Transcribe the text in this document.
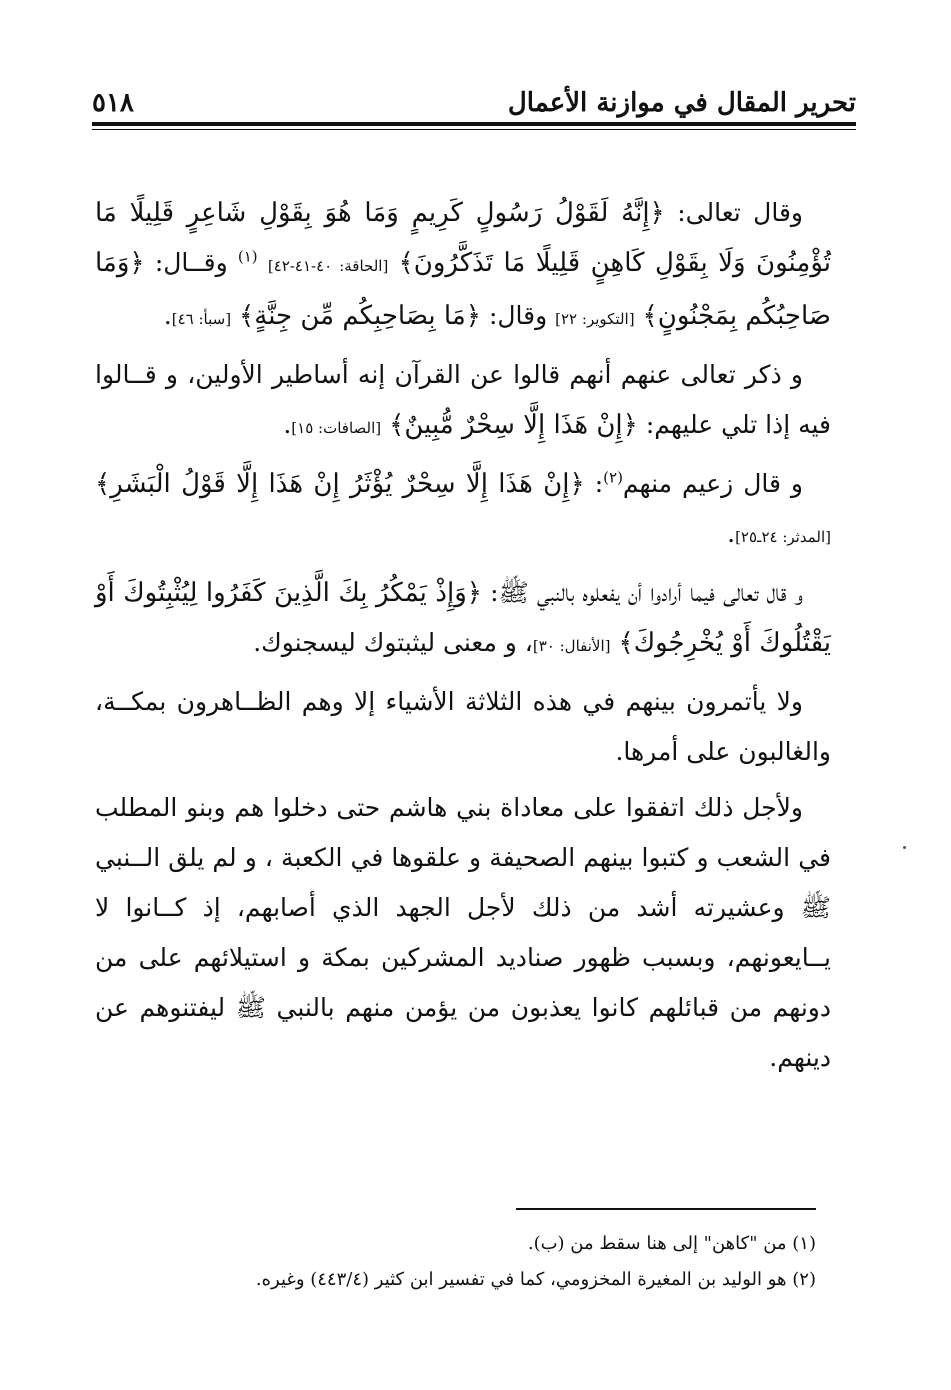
تحرير المقال في موازنة الأعمال
٥١٨

وقال تعالى: ﴿إِنَّهُ لَقَوْلُ رَسُولٍ كَرِيمٍ وَمَا هُوَ بِقَوْلِ شَاعِرٍ قَلِيلًا مَا تُؤْمِنُونَ وَلَا بِقَوْلِ كَاهِنٍ قَلِيلًا مَا تَذَكَّرُونَ﴾ [الحاقة: ٤٠-٤١-٤٢] $^{(١)}$ وقــال: ﴿وَمَا صَاحِبُكُم بِمَجْنُونٍ﴾ [التكوير: ٢٢] وقال: ﴿مَا بِصَاحِبِكُم مِّن جِنَّةٍ﴾ [سبأ: ٤٦].

و ذكر تعالى عنهم أنهم قالوا عن القرآن إنه أساطير الأولين، و قــالوا فيه إذا تلي عليهم: ﴿إِنْ هَذَا إِلَّا سِحْرٌ مُّبِينٌ﴾ [الصافات: ١٥].

و قال زعيم منهم$^{(٢)}$: ﴿إِنْ هَذَا إِلَّا سِحْرٌ يُؤْثَرُ إِنْ هَذَا إِلَّا قَوْلُ الْبَشَرِ﴾ [المدثر: ٢٤ـ٢٥].

و قال تعالى فيما أرادوا أن يفعلوه بالنبي ﷺ: ﴿وَإِذْ يَمْكُرُ بِكَ الَّذِينَ كَفَرُوا لِيُثْبِتُوكَ أَوْ يَقْتُلُوكَ أَوْ يُخْرِجُوكَ﴾ [الأنفال: ٣٠]، و معنى ليثبتوك ليسجنوك.

ولا يأتمرون بينهم في هذه الثلاثة الأشياء إلا وهم الظــاهرون بمكــة، والغالبون على أمرها.

ولأجل ذلك اتفقوا على معاداة بني هاشم حتى دخلوا هم وبنو المطلب في الشعب و كتبوا بينهم الصحيفة و علقوها في الكعبة ، و لم يلق الــنبي ﷺ وعشيرته أشد من ذلك لأجل الجهد الذي أصابهم، إذ كــانوا لا يــايعونهم، وبسبب ظهور صناديد المشركين بمكة و استيلائهم على من دونهم من قبائلهم كانوا يعذبون من يؤمن منهم بالنبي ﷺ ليفتنوهم عن دينهم.

(١) من "كاهن" إلى هنا سقط من (ب).
(٢) هو الوليد بن المغيرة المخزومي، كما في تفسير ابن كثير (٤٤٣/٤) وغيره.
